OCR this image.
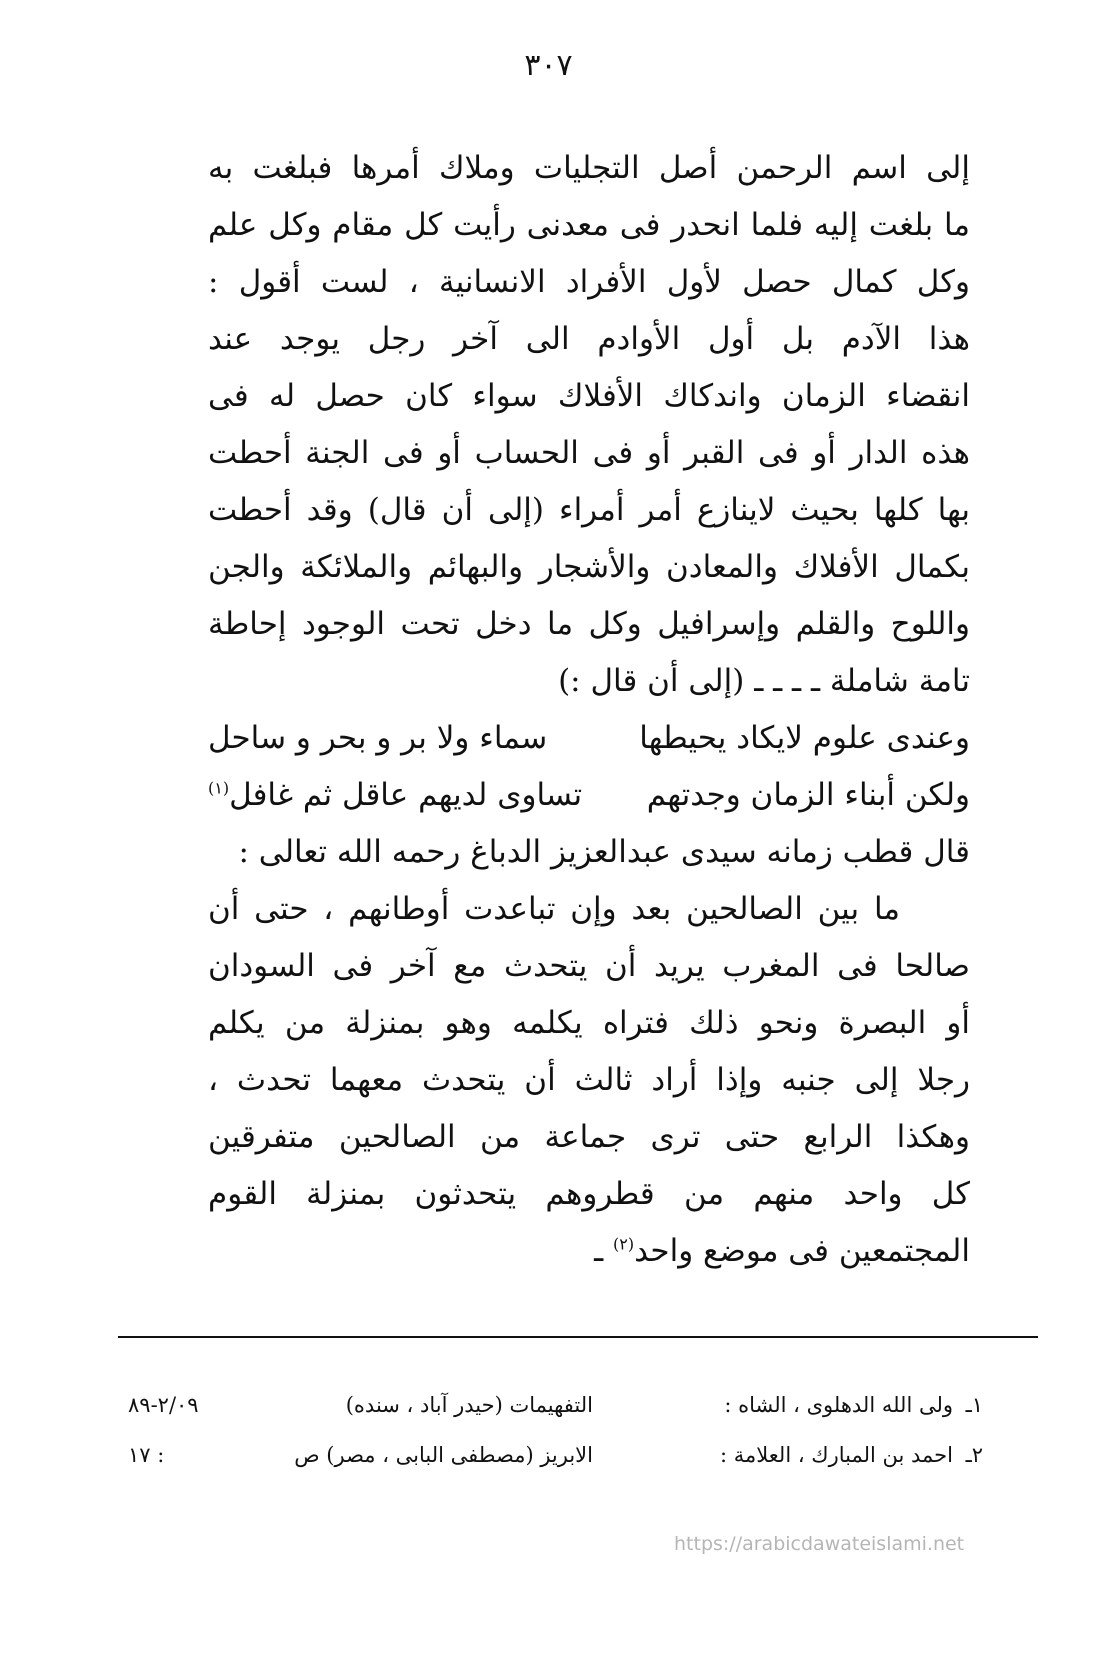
٣٠٧
إلى اسم الرحمن أصل التجليات وملاك أمرها فبلغت به
ما بلغت إليه فلما انحدر فى معدنى رأيت كل مقام وكل علم
وكل كمال حصل لأول الأفراد الانسانية ، لست أقول :
هذا الآدم بل أول الأوادم الى آخر رجل يوجد عند
انقضاء الزمان واندكاك الأفلاك سواء كان حصل له فى
هذه الدار أو فى القبر أو فى الحساب أو فى الجنة أحطت
بها كلها بحيث لاينازع أمر أمراء (إلى أن قال) وقد أحطت
بكمال الأفلاك والمعادن والأشجار والبهائم والملائكة والجن
واللوح والقلم وإسرافيل وكل ما دخل تحت الوجود إحاطة
تامة شاملة ـ ـ ـ ـ (إلى أن قال :)
وعندى علوم لايكاد يحيطها
سماء ولا بر و بحر و ساحل
ولكن أبناء الزمان وجدتهم
تساوى لديهم عاقل ثم غافل$^{(١)}$
قال قطب زمانه سيدى عبدالعزيز الدباغ رحمه الله تعالى :
ما بين الصالحين بعد وإن تباعدت أوطانهم ، حتى أن
صالحا فى المغرب يريد أن يتحدث مع آخر فى السودان
أو البصرة ونحو ذلك فتراه يكلمه وهو بمنزلة من يكلم
رجلا إلى جنبه وإذا أراد ثالث أن يتحدث معهما تحدث ،
وهكذا الرابع حتى ترى جماعة من الصالحين متفرقين
كل واحد منهم من قطروهم يتحدثون بمنزلة القوم
المجتمعين فى موضع واحد$^{(٢)}$ ـ
١ـ
ولى الله الدهلوى ، الشاه :
التفهيمات (حيدر آباد ، سنده)
٢/٠٩-٨٩
٢ـ
احمد بن المبارك ، العلامة :
الابريز (مصطفى البابى ، مصر) ص
: ١٧
https://arabicdawateislami.net
